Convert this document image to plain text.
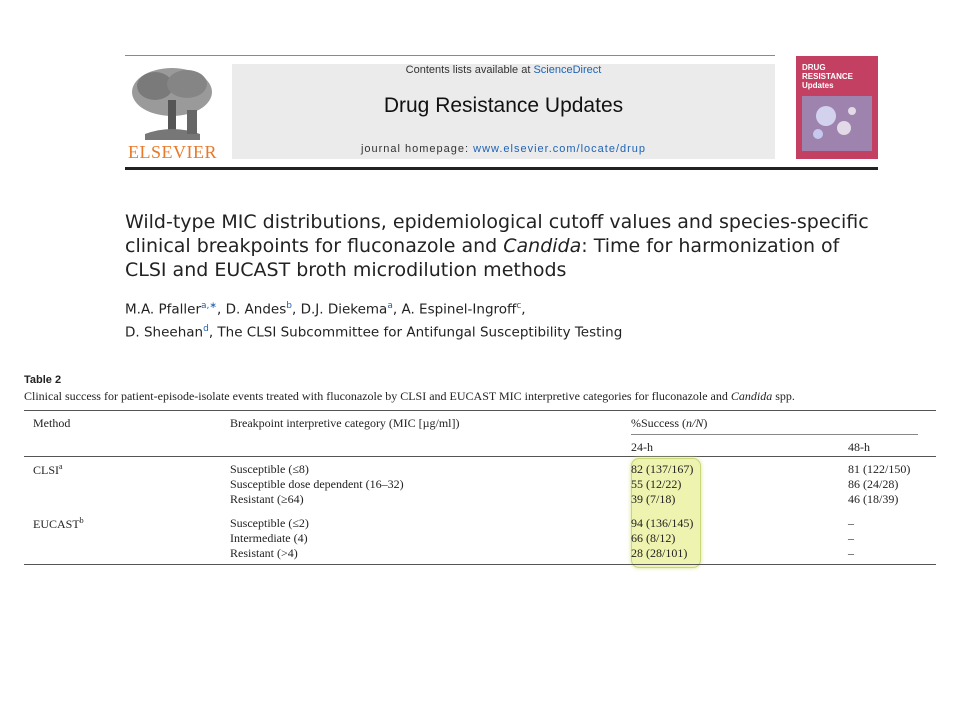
ELSEVIER
Contents lists available at ScienceDirect
Drug Resistance Updates
journal homepage: www.elsevier.com/locate/drup
DRUG RESISTANCE Updates
Wild-type MIC distributions, epidemiological cutoff values and species-specific clinical breakpoints for fluconazole and Candida: Time for harmonization of CLSI and EUCAST broth microdilution methods
M.A. Pfaller$^{a,∗}$, D. Andes$^b$, D.J. Diekema$^a$, A. Espinel-Ingroff$^c$,
D. Sheehan$^d$, The CLSI Subcommittee for Antifungal Susceptibility Testing
Table 2
Clinical success for patient-episode-isolate events treated with fluconazole by CLSI and EUCAST MIC interpretive categories for fluconazole and Candida spp.
Method	Breakpoint interpretive category (MIC [µg/ml])	%Success (n/N)
24-h	48-h
CLSI$^a$	Susceptible (≤8)	82 (137/167)	81 (122/150)
Susceptible dose dependent (16–32)	55 (12/22)	86 (24/28)
Resistant (≥64)	39 (7/18)	46 (18/39)
EUCAST$^b$	Susceptible (≤2)	94 (136/145)	–
Intermediate (4)	66 (8/12)	–
Resistant (>4)	28 (28/101)	–
